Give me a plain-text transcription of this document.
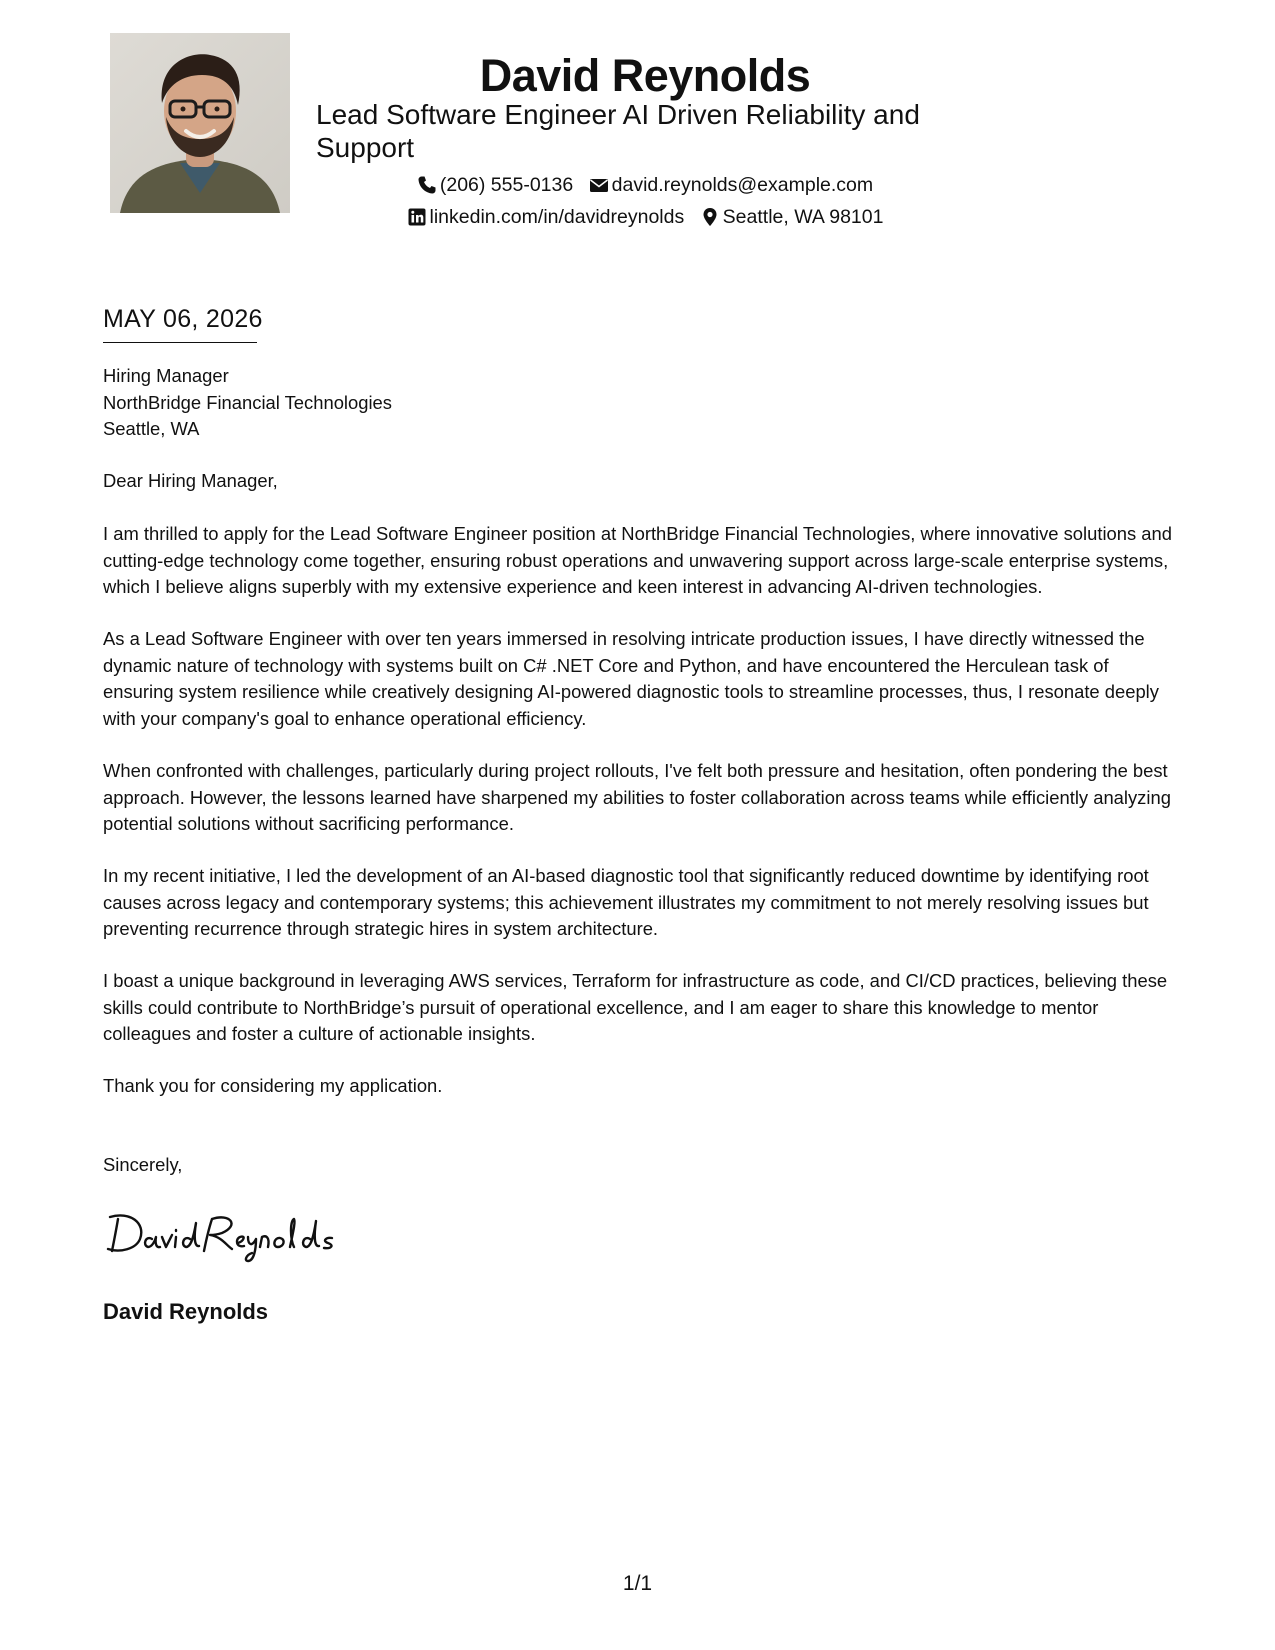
David Reynolds
Lead Software Engineer AI Driven Reliability and Support
(206) 555-0136
david.reynolds@example.com
linkedin.com/in/davidreynolds
Seattle, WA 98101
MAY 06, 2026
Hiring Manager
NorthBridge Financial Technologies
Seattle, WA
Dear Hiring Manager,
I am thrilled to apply for the Lead Software Engineer position at NorthBridge Financial Technologies, where innovative solutions and cutting-edge technology come together, ensuring robust operations and unwavering support across large-scale enterprise systems, which I believe aligns superbly with my extensive experience and keen interest in advancing AI-driven technologies.
As a Lead Software Engineer with over ten years immersed in resolving intricate production issues, I have directly witnessed the dynamic nature of technology with systems built on C# .NET Core and Python, and have encountered the Herculean task of ensuring system resilience while creatively designing AI-powered diagnostic tools to streamline processes, thus, I resonate deeply with your company's goal to enhance operational efficiency.
When confronted with challenges, particularly during project rollouts, I've felt both pressure and hesitation, often pondering the best approach. However, the lessons learned have sharpened my abilities to foster collaboration across teams while efficiently analyzing potential solutions without sacrificing performance.
In my recent initiative, I led the development of an AI-based diagnostic tool that significantly reduced downtime by identifying root causes across legacy and contemporary systems; this achievement illustrates my commitment to not merely resolving issues but preventing recurrence through strategic hires in system architecture.
I boast a unique background in leveraging AWS services, Terraform for infrastructure as code, and CI/CD practices, believing these skills could contribute to NorthBridge’s pursuit of operational excellence, and I am eager to share this knowledge to mentor colleagues and foster a culture of actionable insights.
Thank you for considering my application.
Sincerely,
David Reynolds
1/1
